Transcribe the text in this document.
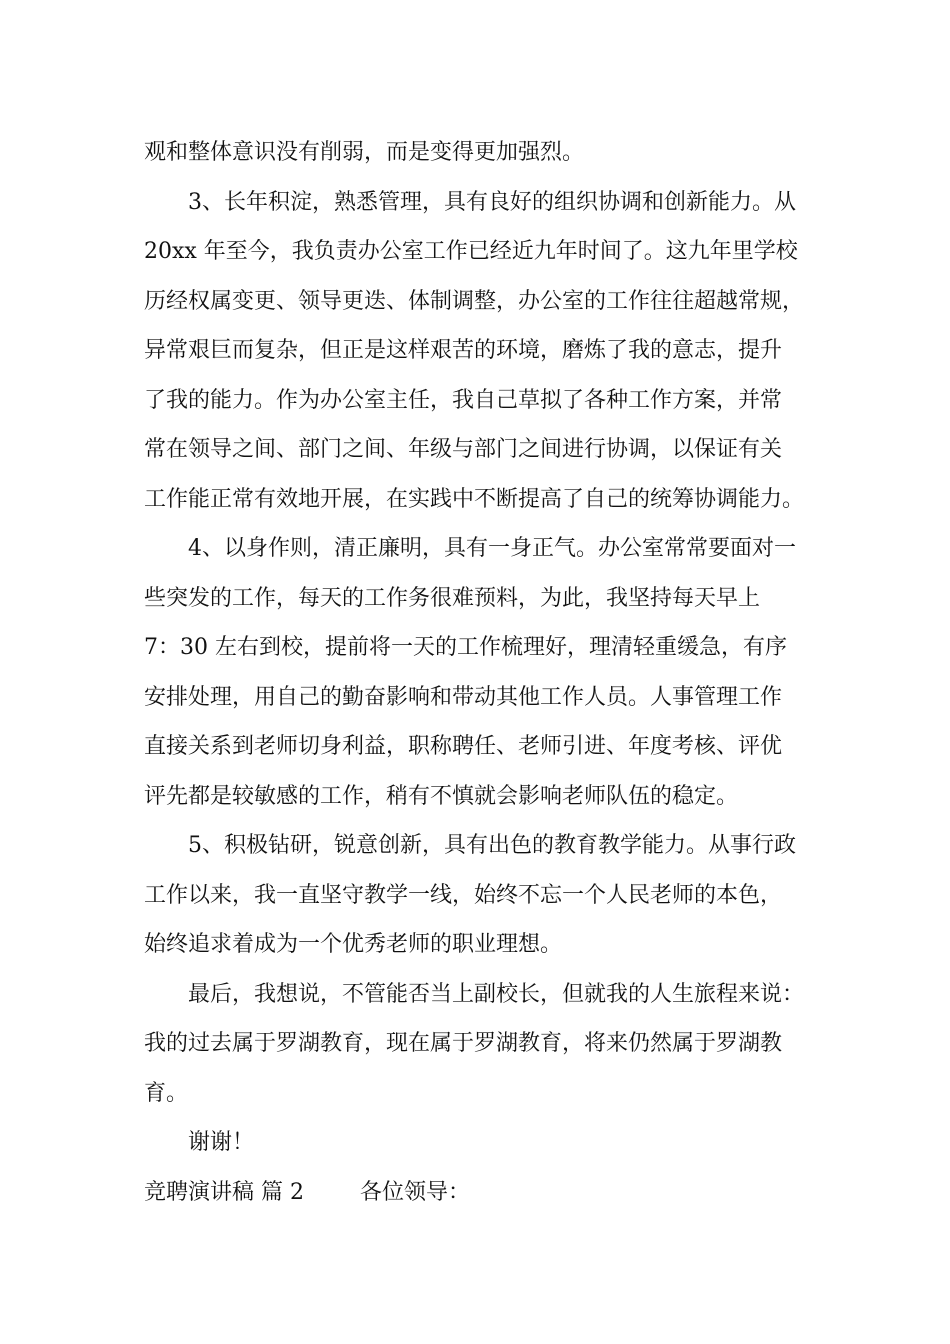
观和整体意识没有削弱，而是变得更加强烈。
3、长年积淀，熟悉管理，具有良好的组织协调和创新能力。从
20xx 年至今，我负责办公室工作已经近九年时间了。这九年里学校
历经权属变更、领导更迭、体制调整，办公室的工作往往超越常规，
异常艰巨而复杂，但正是这样艰苦的环境，磨炼了我的意志，提升
了我的能力。作为办公室主任，我自己草拟了各种工作方案，并常
常在领导之间、部门之间、年级与部门之间进行协调，以保证有关
工作能正常有效地开展，在实践中不断提高了自己的统筹协调能力。
4、以身作则，清正廉明，具有一身正气。办公室常常要面对一
些突发的工作，每天的工作务很难预料，为此，我坚持每天早上
7：30 左右到校，提前将一天的工作梳理好，理清轻重缓急，有序
安排处理，用自己的勤奋影响和带动其他工作人员。人事管理工作
直接关系到老师切身利益，职称聘任、老师引进、年度考核、评优
评先都是较敏感的工作，稍有不慎就会影响老师队伍的稳定。
5、积极钻研，锐意创新，具有出色的教育教学能力。从事行政
工作以来，我一直坚守教学一线，始终不忘一个人民老师的本色，
始终追求着成为一个优秀老师的职业理想。
最后，我想说，不管能否当上副校长，但就我的人生旅程来说：
我的过去属于罗湖教育，现在属于罗湖教育，将来仍然属于罗湖教
育。
谢谢！
竞聘演讲稿 篇 2	各位领导：
